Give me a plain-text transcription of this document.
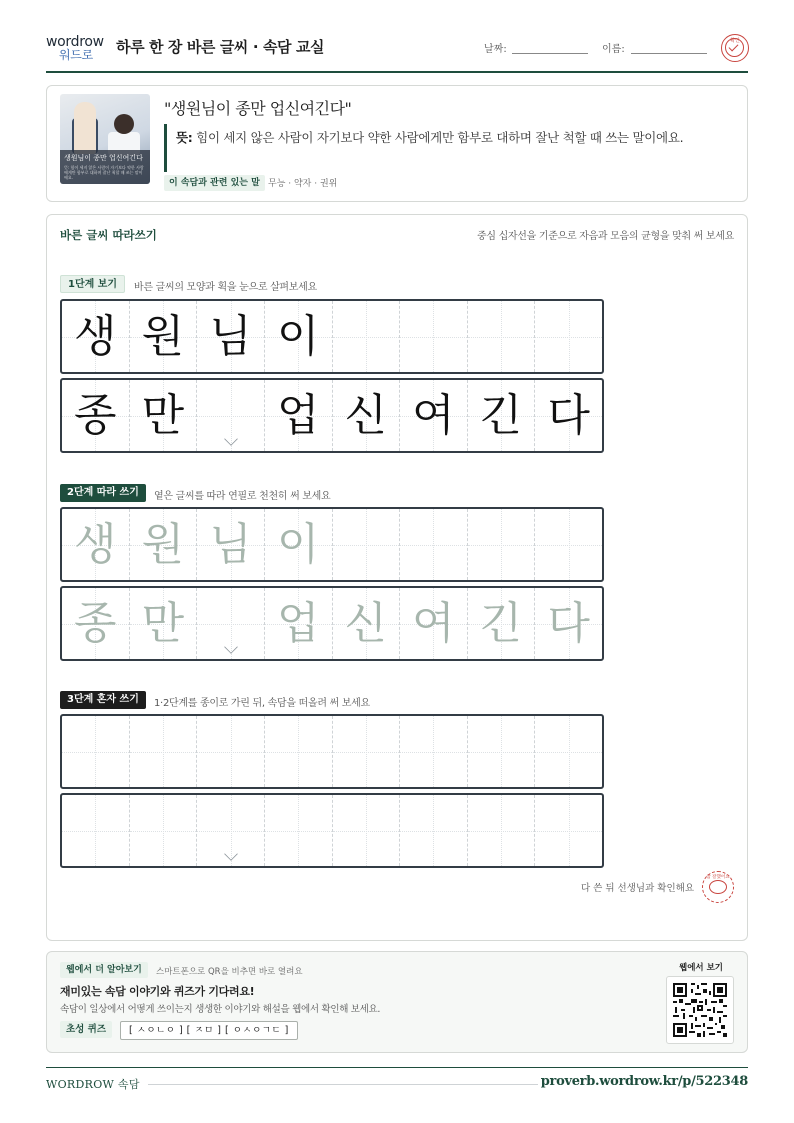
wordrow
워드로 하루 한 장 바른 글씨 · 속담 교실	날짜:	이름:
확인
생원님이 종만 업신여긴다
뜻: 힘이 세지 않은 사람이 자기보다 약한 사람에게만 함부로 대하며 잘난 척할 때 쓰는 말이에요.
"생원님이 종만 업신여긴다"
뜻: 힘이 세지 않은 사람이 자기보다 약한 사람에게만 함부로 대하며 잘난 척할 때 쓰는 말이에요.
이 속담과 관련 있는 말 무능 · 약자 · 권위
바른 글씨 따라쓰기	중심 십자선을 기준으로 자음과 모음의 균형을 맞춰 써 보세요
1단계 보기	바른 글씨의 모양과 획을 눈으로 살펴보세요
생 원 님 이
종 만 업 신 여 긴 다
2단계 따라 쓰기	옅은 글씨를 따라 연필로 천천히 써 보세요
생 원 님 이
종 만 업 신 여 긴 다
3단계 혼자 쓰기	1·2단계를 종이로 가린 뒤, 속담을 떠올려 써 보세요
다 쓴 뒤 선생님과 확인해요
참 잘했어요
웹에서 더 알아보기	스마트폰으로 QR을 비추면 바로 열려요
재미있는 속담 이야기와 퀴즈가 기다려요!
속담이 일상에서 어떻게 쓰이는지 생생한 이야기와 해설을 웹에서 확인해 보세요.
초성 퀴즈	[ ㅅㅇㄴㅇ ] [ ㅈㅁ ] [ ㅇㅅㅇㄱㄷ ]
웹에서 보기
WORDROW 속담	proverb.wordrow.kr/p/522348
